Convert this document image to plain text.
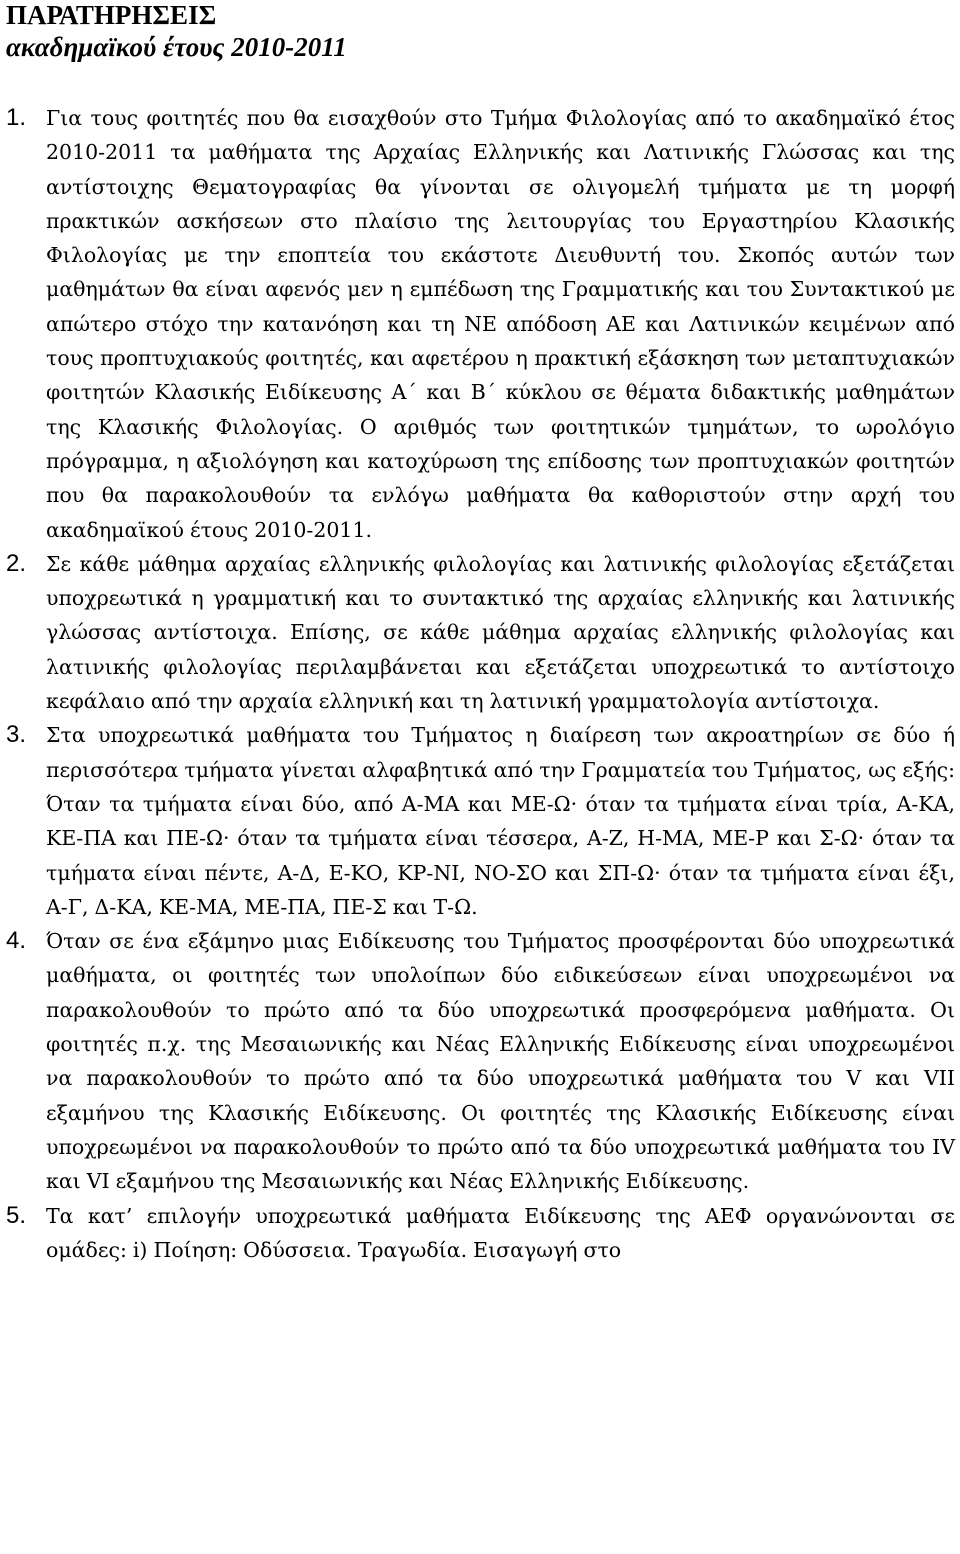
ΠΑΡΑΤΗΡΗΣΕΙΣ
ακαδημαϊκού έτους 2010-2011
1. Για τους φοιτητές που θα εισαχθούν στο Τμήμα Φιλολογίας από το ακαδημαϊκό έτος 2010-2011 τα μαθήματα της Αρχαίας Ελληνικής και Λατινικής Γλώσσας και της αντίστοιχης Θεματογραφίας θα γίνονται σε ολιγομελή τμήματα με τη μορφή πρακτικών ασκήσεων στο πλαίσιο της λειτουργίας του Εργαστηρίου Κλασικής Φιλολογίας με την εποπτεία του εκάστοτε Διευθυντή του. Σκοπός αυτών των μαθημάτων θα είναι αφενός μεν η εμπέδωση της Γραμματικής και του Συντακτικού με απώτερο στόχο την κατανόηση και τη ΝΕ απόδοση ΑΕ και Λατινικών κειμένων από τους προπτυχιακούς φοιτητές, και αφετέρου η πρακτική εξάσκηση των μεταπτυχιακών φοιτητών Κλασικής Ειδίκευσης Α΄ και Β΄ κύκλου σε θέματα διδακτικής μαθημάτων της Κλασικής Φιλολογίας. Ο αριθμός των φοιτητικών τμημάτων, το ωρολόγιο πρόγραμμα, η αξιολόγηση και κατοχύρωση της επίδοσης των προπτυχιακών φοιτητών που θα παρακολουθούν τα ενλόγω μαθήματα θα καθοριστούν στην αρχή του ακαδημαϊκού έτους 2010-2011.

2. Σε κάθε μάθημα αρχαίας ελληνικής φιλολογίας και λατινικής φιλολογίας εξετάζεται υποχρεωτικά η γραμματική και το συντακτικό της αρχαίας ελληνικής και λατινικής γλώσσας αντίστοιχα. Επίσης, σε κάθε μάθημα αρχαίας ελληνικής φιλολογίας και λατινικής φιλολογίας περιλαμβάνεται και εξετάζεται υποχρεωτικά το αντίστοιχο κεφάλαιο από την αρχαία ελληνική και τη λατινική γραμματολογία αντίστοιχα.

3. Στα υποχρεωτικά μαθήματα του Τμήματος η διαίρεση των ακροατηρίων σε δύο ή περισσότερα τμήματα γίνεται αλφαβητικά από την Γραμματεία του Τμήματος, ως εξής: Όταν τα τμήματα είναι δύο, από Α-ΜΑ και ΜΕ-Ω· όταν τα τμήματα είναι τρία, Α-ΚΑ, ΚΕ-ΠΑ και ΠΕ-Ω· όταν τα τμήματα είναι τέσσερα, Α-Ζ, Η-ΜΑ, ΜΕ-Ρ και Σ-Ω· όταν τα τμήματα είναι πέντε, Α-Δ, Ε-ΚΟ, ΚΡ-ΝΙ, ΝΟ-ΣΟ και ΣΠ-Ω· όταν τα τμήματα είναι έξι, Α-Γ, Δ-ΚΑ, ΚΕ-ΜΑ, ΜΕ-ΠΑ, ΠΕ-Σ και Τ-Ω.

4. Όταν σε ένα εξάμηνο μιας Ειδίκευσης του Τμήματος προσφέρονται δύο υποχρεωτικά μαθήματα, οι φοιτητές των υπολοίπων δύο ειδικεύσεων είναι υποχρεωμένοι να παρακολουθούν το πρώτο από τα δύο υποχρεωτικά προσφερόμενα μαθήματα. Οι φοιτητές π.χ. της Μεσαιωνικής και Νέας Ελληνικής Ειδίκευσης είναι υποχρεωμένοι να παρακολουθούν το πρώτο από τα δύο υποχρεωτικά μαθήματα του V και VII εξαμήνου της Κλασικής Ειδίκευσης. Οι φοιτητές της Κλασικής Ειδίκευσης είναι υποχρεωμένοι να παρακολουθούν το πρώτο από τα δύο υποχρεωτικά μαθήματα του ΙV και VΙ εξαμήνου της Μεσαιωνικής και Νέας Ελληνικής Ειδίκευσης.

5. Τα κατ’ επιλογήν υποχρεωτικά μαθήματα Ειδίκευσης της ΑΕΦ οργανώνονται σε ομάδες: i) Ποίηση: Οδύσσεια. Τραγωδία. Εισαγωγή στο
